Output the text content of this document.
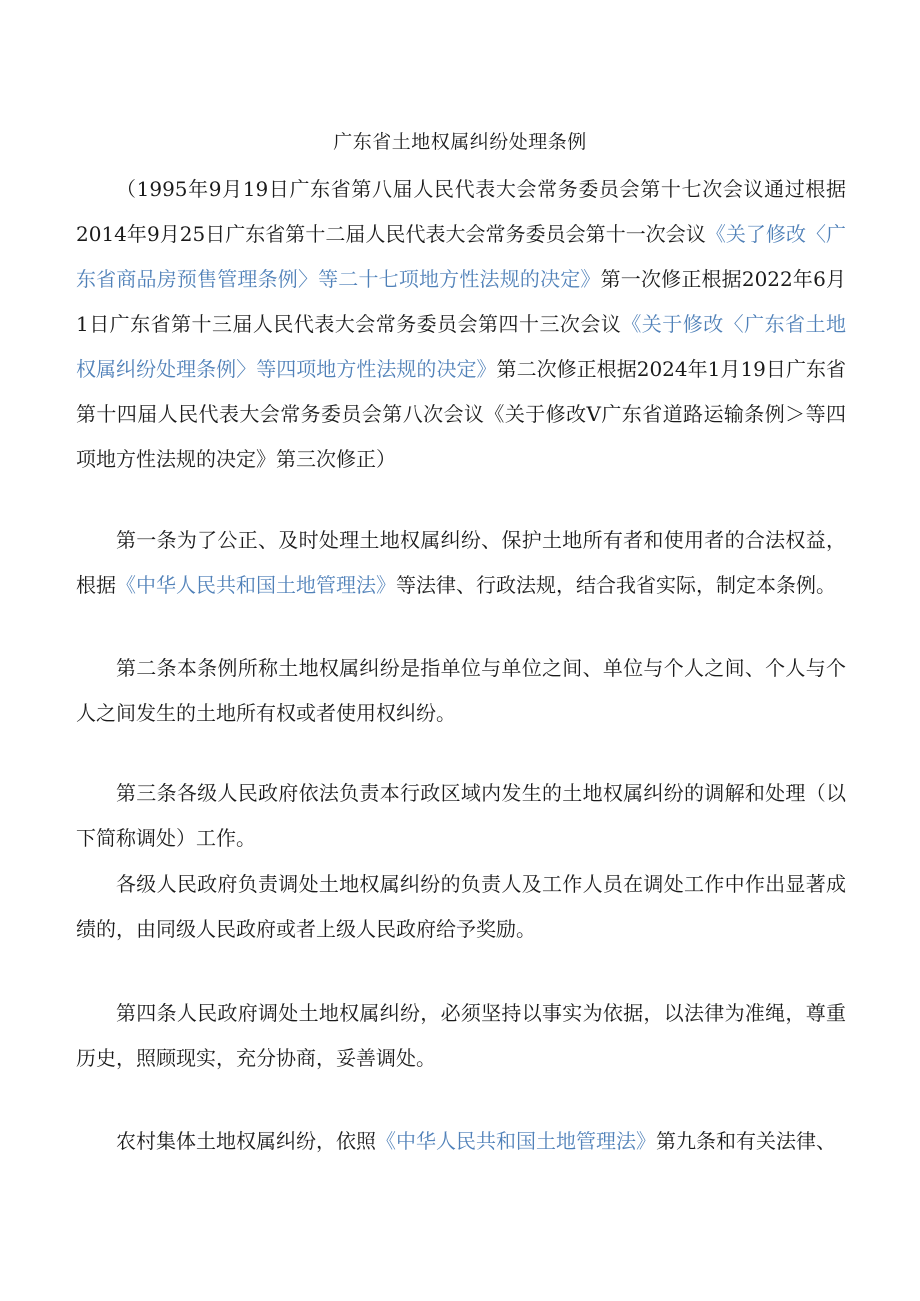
广东省土地权属纠纷处理条例

（1995年9月19日广东省第八届人民代表大会常务委员会第十七次会议通过根据2014年9月25日广东省第十二届人民代表大会常务委员会第十一次会议《关了修改〈广东省商品房预售管理条例〉等二十七项地方性法规的决定》第一次修正根据2022年6月1日广东省第十三届人民代表大会常务委员会第四十三次会议《关于修改〈广东省土地权属纠纷处理条例〉等四项地方性法规的决定》第二次修正根据2024年1月19日广东省第十四届人民代表大会常务委员会第八次会议《关于修改Ⅴ广东省道路运输条例＞等四项地方性法规的决定》第三次修正）

第一条为了公正、及时处理土地权属纠纷、保护土地所有者和使用者的合法权益，根据《中华人民共和国土地管理法》等法律、行政法规，结合我省实际，制定本条例。

第二条本条例所称土地权属纠纷是指单位与单位之间、单位与个人之间、个人与个人之间发生的土地所有权或者使用权纠纷。

第三条各级人民政府依法负责本行政区域内发生的土地权属纠纷的调解和处理（以下简称调处）工作。

各级人民政府负责调处土地权属纠纷的负责人及工作人员在调处工作中作出显著成绩的，由同级人民政府或者上级人民政府给予奖励。

第四条人民政府调处土地权属纠纷，必须坚持以事实为依据，以法律为准绳，尊重历史，照顾现实，充分协商，妥善调处。

农村集体土地权属纠纷，依照《中华人民共和国土地管理法》第九条和有关法律、
